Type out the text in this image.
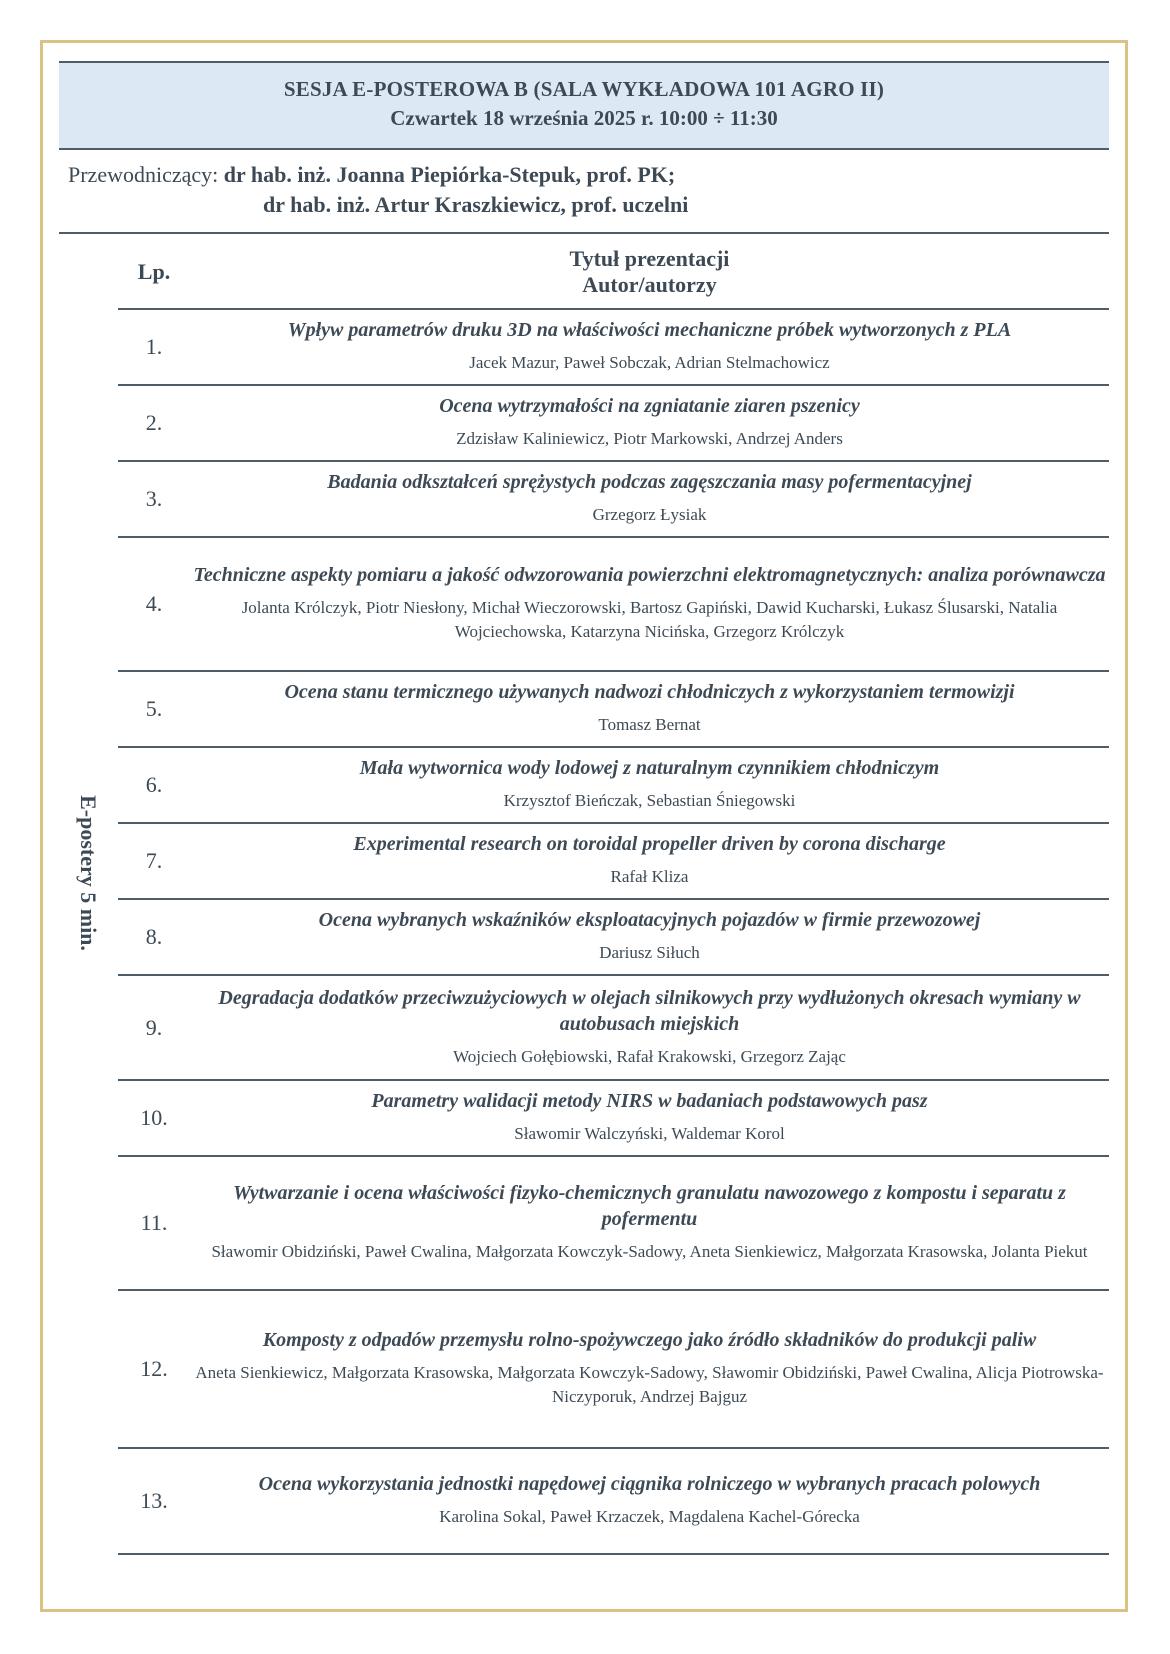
SESJA E-POSTEROWA B (SALA WYKŁADOWA 101 AGRO II)
Czwartek 18 września 2025 r. 10:00 ÷ 11:30
Przewodniczący: dr hab. inż. Joanna Piepiórka-Stepuk, prof. PK;
dr hab. inż. Artur Kraszkiewicz, prof. uczelni
E-postery 5 min.
Lp.	Tytuł prezentacji
Autor/autorzy

1.	Wpływ parametrów druku 3D na właściwości mechaniczne próbek wytworzonych z PLA
Jacek Mazur, Paweł Sobczak, Adrian Stelmachowicz

2.	Ocena wytrzymałości na zgniatanie ziaren pszenicy
Zdzisław Kaliniewicz, Piotr Markowski, Andrzej Anders

3.	Badania odkształceń sprężystych podczas zagęszczania masy pofermentacyjnej
Grzegorz Łysiak

4.	Techniczne aspekty pomiaru a jakość odwzorowania powierzchni elektromagnetycznych: analiza porównawcza
Jolanta Królczyk, Piotr Niesłony, Michał Wieczorowski, Bartosz Gapiński, Dawid Kucharski, Łukasz Ślusarski, Natalia Wojciechowska, Katarzyna Nicińska, Grzegorz Królczyk

5.	Ocena stanu termicznego używanych nadwozi chłodniczych z wykorzystaniem termowizji
Tomasz Bernat

6.	Mała wytwornica wody lodowej z naturalnym czynnikiem chłodniczym
Krzysztof Bieńczak, Sebastian Śniegowski

7.	Experimental research on toroidal propeller driven by corona discharge
Rafał Kliza

8.	Ocena wybranych wskaźników eksploatacyjnych pojazdów w firmie przewozowej
Dariusz Siłuch

9.	Degradacja dodatków przeciwzużyciowych w olejach silnikowych przy wydłużonych okresach wymiany w autobusach miejskich
Wojciech Gołębiowski, Rafał Krakowski, Grzegorz Zając

10.	Parametry walidacji metody NIRS w badaniach podstawowych pasz
Sławomir Walczyński, Waldemar Korol

11.	Wytwarzanie i ocena właściwości fizyko-chemicznych granulatu nawozowego z kompostu i separatu z pofermentu
Sławomir Obidziński, Paweł Cwalina, Małgorzata Kowczyk-Sadowy, Aneta Sienkiewicz, Małgorzata Krasowska, Jolanta Piekut

12.	Komposty z odpadów przemysłu rolno-spożywczego jako źródło składników do produkcji paliw
Aneta Sienkiewicz, Małgorzata Krasowska, Małgorzata Kowczyk-Sadowy, Sławomir Obidziński, Paweł Cwalina, Alicja Piotrowska-Niczyporuk, Andrzej Bajguz

13.	Ocena wykorzystania jednostki napędowej ciągnika rolniczego w wybranych pracach polowych
Karolina Sokal, Paweł Krzaczek, Magdalena Kachel-Górecka
